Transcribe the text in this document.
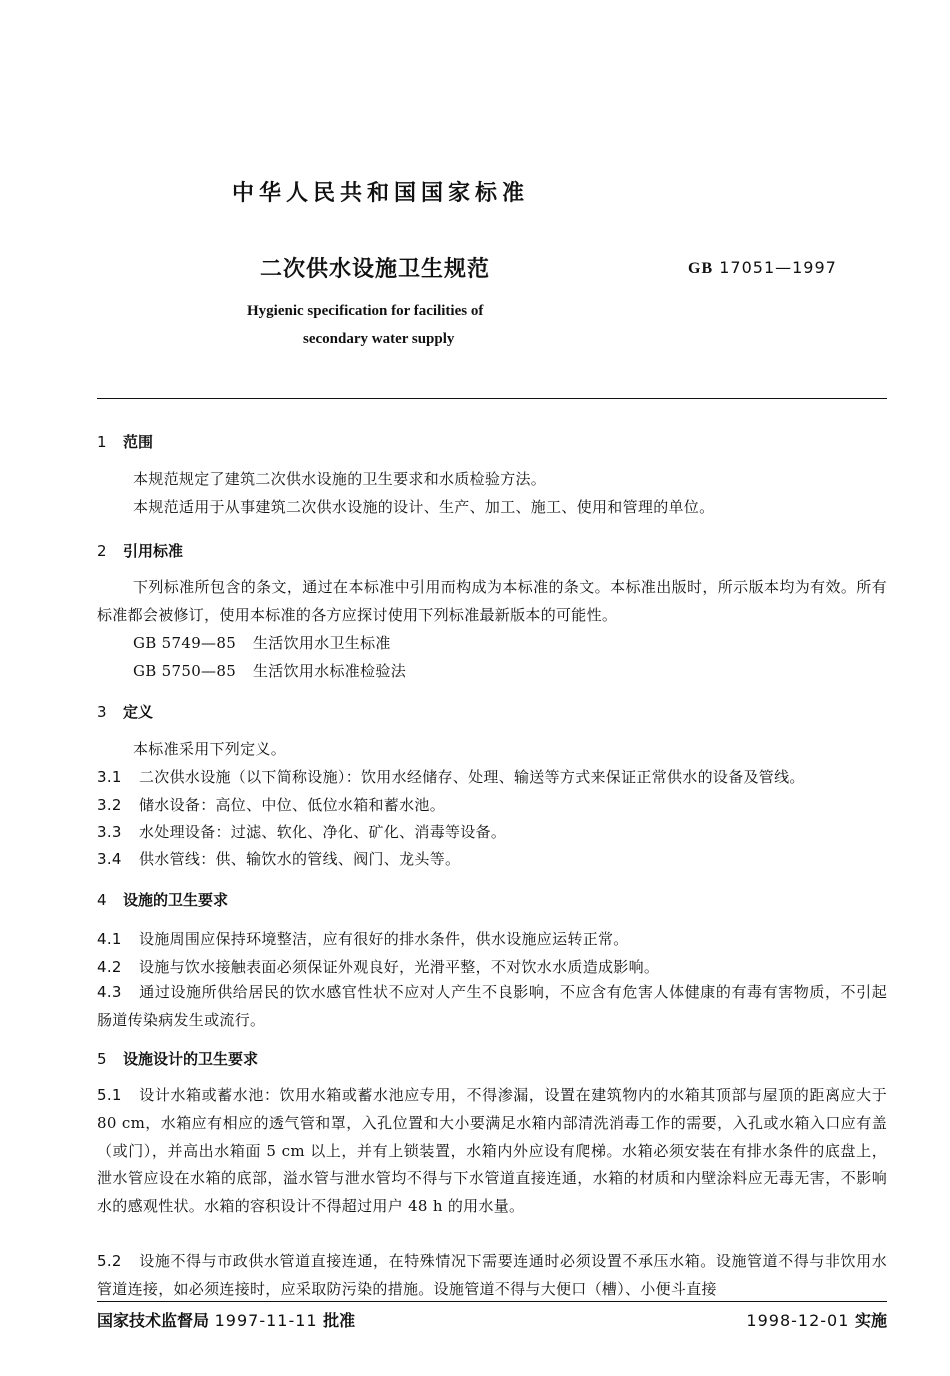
中华人民共和国国家标准
二次供水设施卫生规范	GB 17051—1997
Hygienic specification for facilities of
secondary water supply
1 范围
本规范规定了建筑二次供水设施的卫生要求和水质检验方法。
本规范适用于从事建筑二次供水设施的设计、生产、加工、施工、使用和管理的单位。
2 引用标准
下列标准所包含的条文，通过在本标准中引用而构成为本标准的条文。本标准出版时，所示版本均为有效。所有标准都会被修订，使用本标准的各方应探讨使用下列标准最新版本的可能性。
GB 5749—85 生活饮用水卫生标准
GB 5750—85 生活饮用水标准检验法
3 定义
本标准采用下列定义。
3.1 二次供水设施（以下简称设施）：饮用水经储存、处理、输送等方式来保证正常供水的设备及管线。
3.2 储水设备：高位、中位、低位水箱和蓄水池。
3.3 水处理设备：过滤、软化、净化、矿化、消毒等设备。
3.4 供水管线：供、输饮水的管线、阀门、龙头等。
4 设施的卫生要求
4.1 设施周围应保持环境整洁，应有很好的排水条件，供水设施应运转正常。
4.2 设施与饮水接触表面必须保证外观良好，光滑平整，不对饮水水质造成影响。
4.3 通过设施所供给居民的饮水感官性状不应对人产生不良影响，不应含有危害人体健康的有毒有害物质，不引起肠道传染病发生或流行。
5 设施设计的卫生要求
5.1 设计水箱或蓄水池：饮用水箱或蓄水池应专用，不得渗漏，设置在建筑物内的水箱其顶部与屋顶的距离应大于 80 cm，水箱应有相应的透气管和罩，入孔位置和大小要满足水箱内部清洗消毒工作的需要，入孔或水箱入口应有盖（或门），并高出水箱面 5 cm 以上，并有上锁装置，水箱内外应设有爬梯。水箱必须安装在有排水条件的底盘上，泄水管应设在水箱的底部，溢水管与泄水管均不得与下水管道直接连通，水箱的材质和内壁涂料应无毒无害，不影响水的感观性状。水箱的容积设计不得超过用户 48 h 的用水量。
5.2 设施不得与市政供水管道直接连通，在特殊情况下需要连通时必须设置不承压水箱。设施管道不得与非饮用水管道连接，如必须连接时，应采取防污染的措施。设施管道不得与大便口（槽）、小便斗直接
国家技术监督局 1997-11-11 批准	1998-12-01 实施
